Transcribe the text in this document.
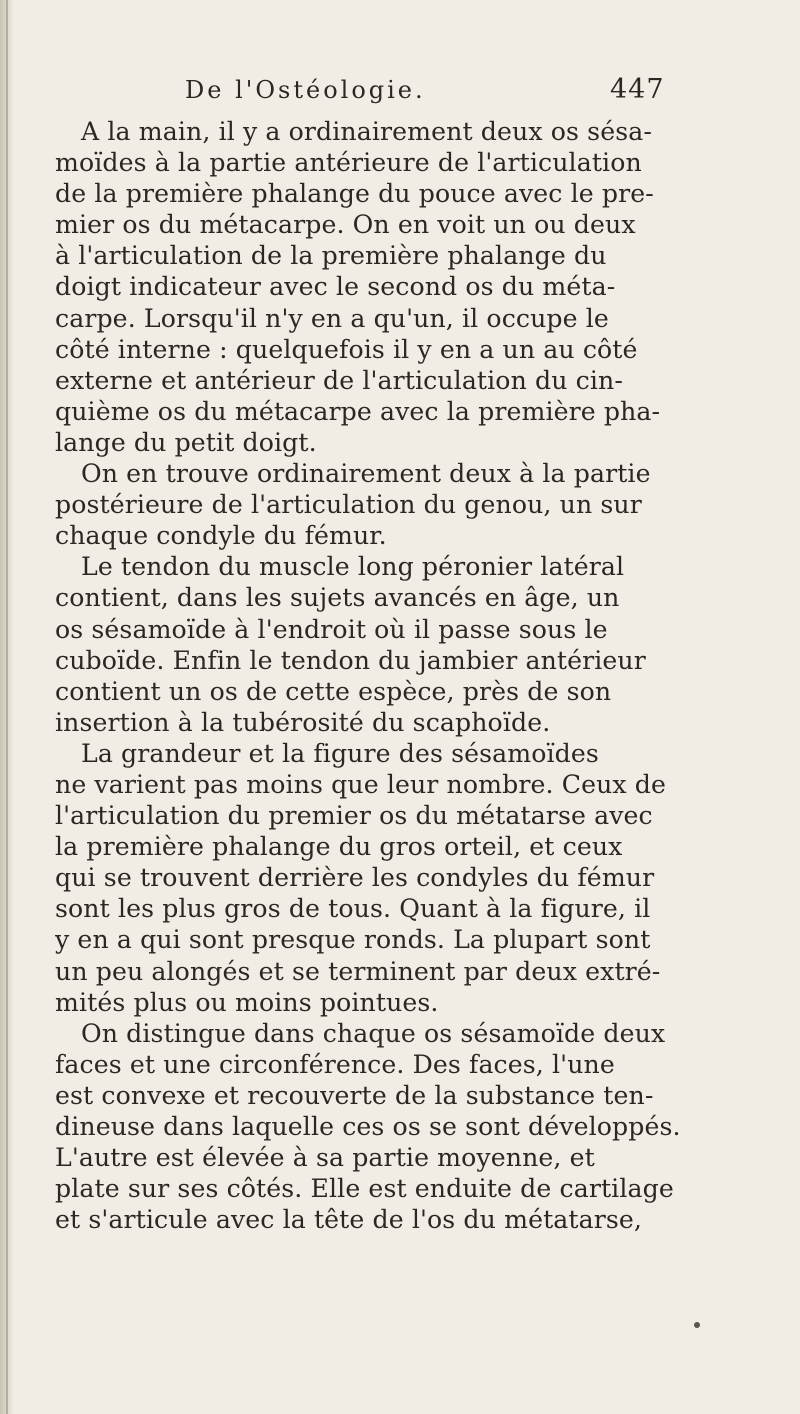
De l'Ostéologie.	447
A la main, il y a ordinairement deux os sésa-
moïdes à la partie antérieure de l'articulation
de la première phalange du pouce avec le pre-
mier os du métacarpe. On en voit un ou deux
à l'articulation de la première phalange du
doigt indicateur avec le second os du méta-
carpe. Lorsqu'il n'y en a qu'un, il occupe le
côté interne : quelquefois il y en a un au côté
externe et antérieur de l'articulation du cin-
quième os du métacarpe avec la première pha-
lange du petit doigt.
On en trouve ordinairement deux à la partie
postérieure de l'articulation du genou, un sur
chaque condyle du fémur.
Le tendon du muscle long péronier latéral
contient, dans les sujets avancés en âge, un
os sésamoïde à l'endroit où il passe sous le
cuboïde. Enfin le tendon du jambier antérieur
contient un os de cette espèce, près de son
insertion à la tubérosité du scaphoïde.
La grandeur et la figure des sésamoïdes
ne varient pas moins que leur nombre. Ceux de
l'articulation du premier os du métatarse avec
la première phalange du gros orteil, et ceux
qui se trouvent derrière les condyles du fémur
sont les plus gros de tous. Quant à la figure, il
y en a qui sont presque ronds. La plupart sont
un peu alongés et se terminent par deux extré-
mités plus ou moins pointues.
On distingue dans chaque os sésamoïde deux
faces et une circonférence. Des faces, l'une
est convexe et recouverte de la substance ten-
dineuse dans laquelle ces os se sont développés.
L'autre est élevée à sa partie moyenne, et
plate sur ses côtés. Elle est enduite de cartilage
et s'articule avec la tête de l'os du métatarse,
